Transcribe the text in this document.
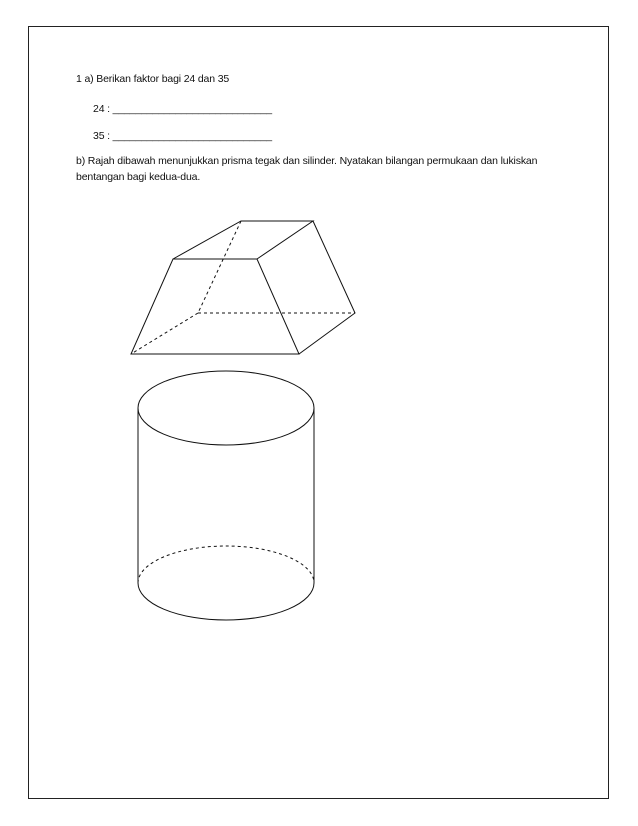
1 a) Berikan faktor bagi 24 dan 35
24 : ____________________________
35 : ____________________________
b) Rajah dibawah menunjukkan prisma tegak dan silinder. Nyatakan bilangan permukaan dan lukiskan bentangan bagi kedua-dua.
